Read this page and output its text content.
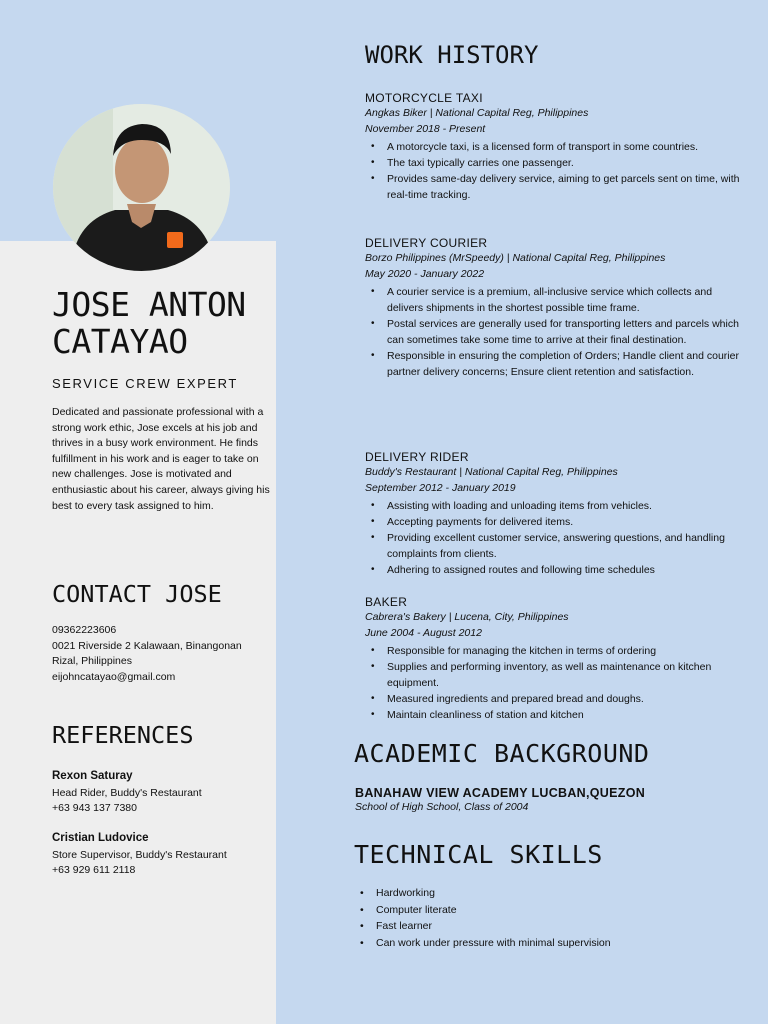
JOSE ANTON
CATAYAO
SERVICE CREW EXPERT
Dedicated and passionate professional with a strong work ethic, Jose excels at his job and thrives in a busy work environment. He finds fulfillment in his work and is eager to take on new challenges. Jose is motivated and enthusiastic about his career, always giving his best to every task assigned to him.
CONTACT JOSE
09362223606
0021 Riverside 2 Kalawaan, Binangonan
Rizal, Philippines
eijohncatayao@gmail.com
REFERENCES
Rexon Saturay
Head Rider, Buddy's Restaurant
+63 943 137 7380
Cristian Ludovice
Store Supervisor, Buddy's Restaurant
+63 929 611 2118
WORK HISTORY
MOTORCYCLE TAXI
Angkas Biker | National Capital Reg, Philippines
November 2018 - Present
• A motorcycle taxi, is a licensed form of transport in some countries.
• The taxi typically carries one passenger.
• Provides same-day delivery service, aiming to get parcels sent on time, with real-time tracking.
DELIVERY COURIER
Borzo Philippines (MrSpeedy) | National Capital Reg, Philippines
May 2020 - January 2022
• A courier service is a premium, all-inclusive service which collects and delivers shipments in the shortest possible time frame.
• Postal services are generally used for transporting letters and parcels which can sometimes take some time to arrive at their final destination.
• Responsible in ensuring the completion of Orders; Handle client and courier partner delivery concerns; Ensure client retention and satisfaction.
DELIVERY RIDER
Buddy's Restaurant | National Capital Reg, Philippines
September 2012 - January 2019
• Assisting with loading and unloading items from vehicles.
• Accepting payments for delivered items.
• Providing excellent customer service, answering questions, and handling complaints from clients.
• Adhering to assigned routes and following time schedules
BAKER
Cabrera's Bakery | Lucena, City, Philippines
June 2004 - August 2012
• Responsible for managing the kitchen in terms of ordering
• Supplies and performing inventory, as well as maintenance on kitchen equipment.
• Measured ingredients and prepared bread and doughs.
• Maintain cleanliness of station and kitchen
ACADEMIC BACKGROUND
BANAHAW VIEW ACADEMY LUCBAN,QUEZON
School of High School, Class of 2004
TECHNICAL SKILLS
• Hardworking
• Computer literate
• Fast learner
• Can work under pressure with minimal supervision
